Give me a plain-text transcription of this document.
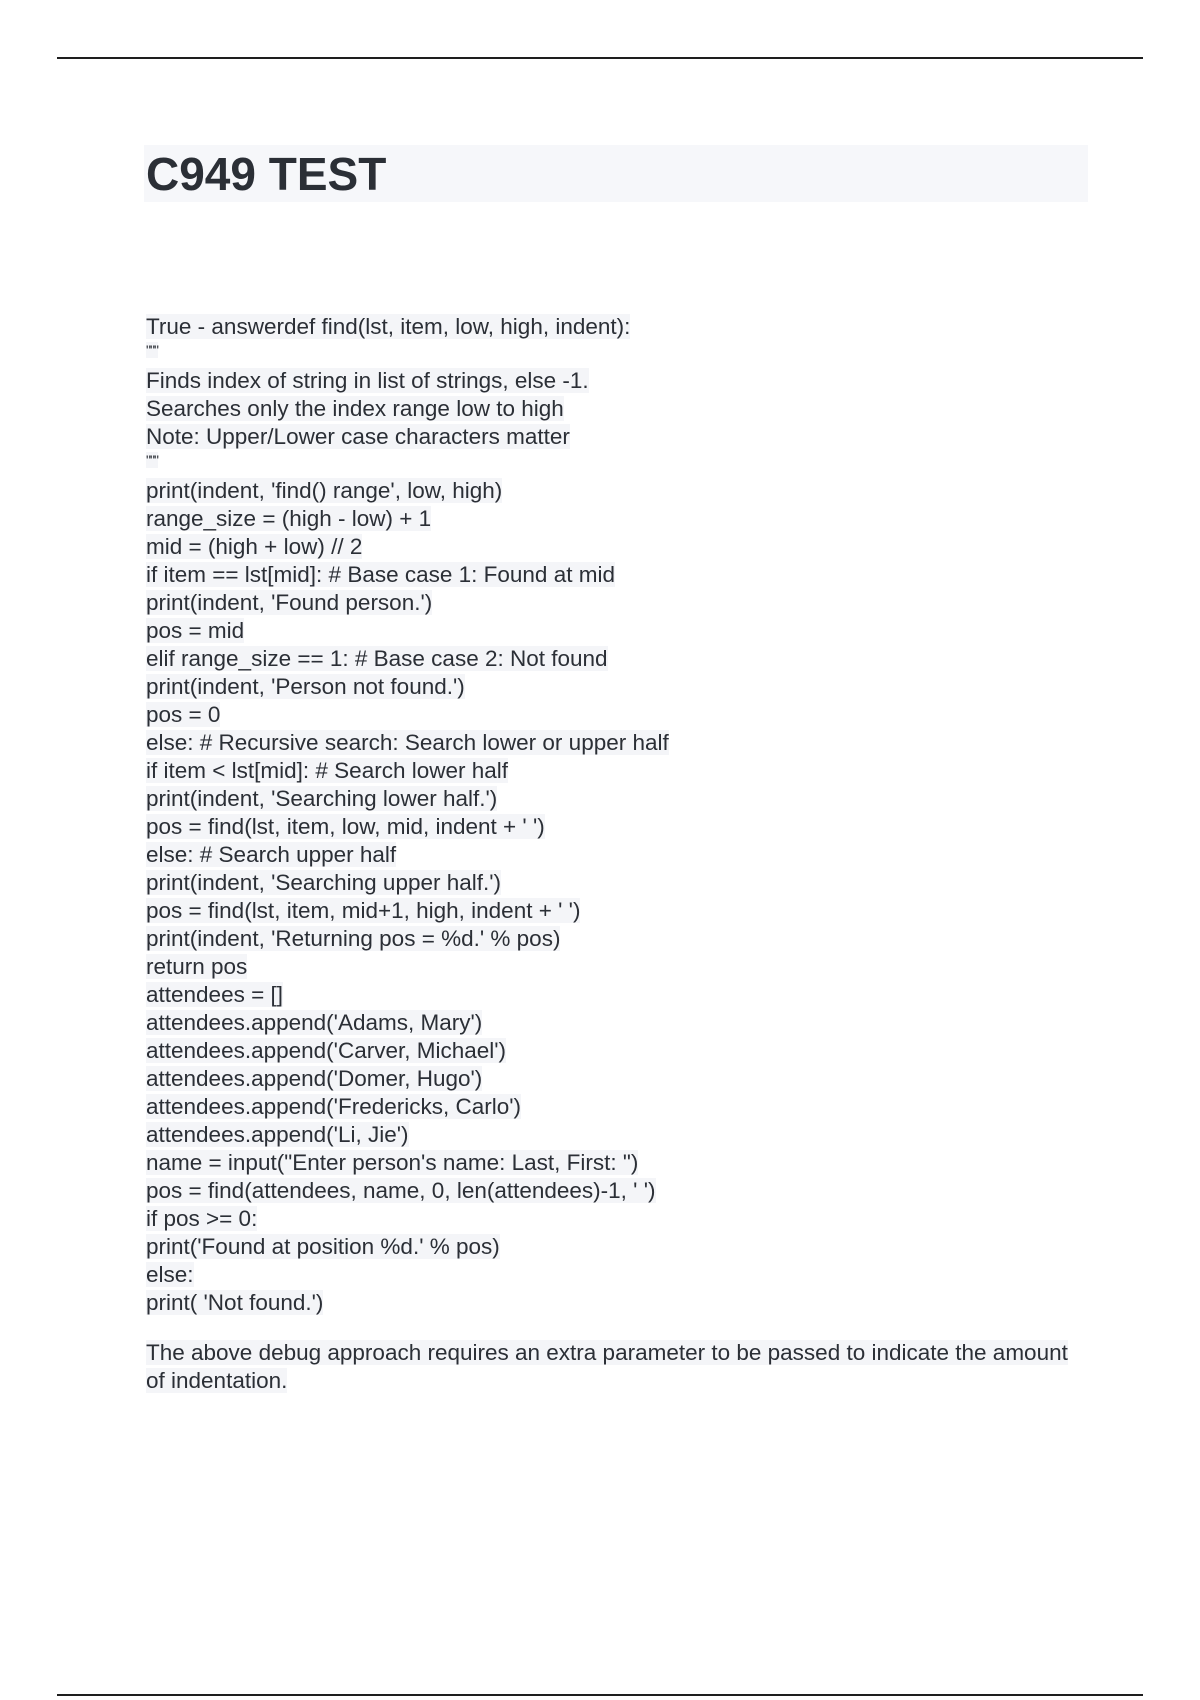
C949 TEST
True - answerdef find(lst, item, low, high, indent):
"""
Finds index of string in list of strings, else -1.
Searches only the index range low to high
Note: Upper/Lower case characters matter
"""
print(indent, 'find() range', low, high)
range_size = (high - low) + 1
mid = (high + low) // 2
if item == lst[mid]: # Base case 1: Found at mid
print(indent, 'Found person.')
pos = mid
elif range_size == 1: # Base case 2: Not found
print(indent, 'Person not found.')
pos = 0
else: # Recursive search: Search lower or upper half
if item < lst[mid]: # Search lower half
print(indent, 'Searching lower half.')
pos = find(lst, item, low, mid, indent + ' ')
else: # Search upper half
print(indent, 'Searching upper half.')
pos = find(lst, item, mid+1, high, indent + ' ')
print(indent, 'Returning pos = %d.' % pos)
return pos
attendees = []
attendees.append('Adams, Mary')
attendees.append('Carver, Michael')
attendees.append('Domer, Hugo')
attendees.append('Fredericks, Carlo')
attendees.append('Li, Jie')
name = input("Enter person's name: Last, First: ")
pos = find(attendees, name, 0, len(attendees)-1, ' ')
if pos >= 0:
print('Found at position %d.' % pos)
else:
print( 'Not found.')
The above debug approach requires an extra parameter to be passed to indicate the amount of indentation.
